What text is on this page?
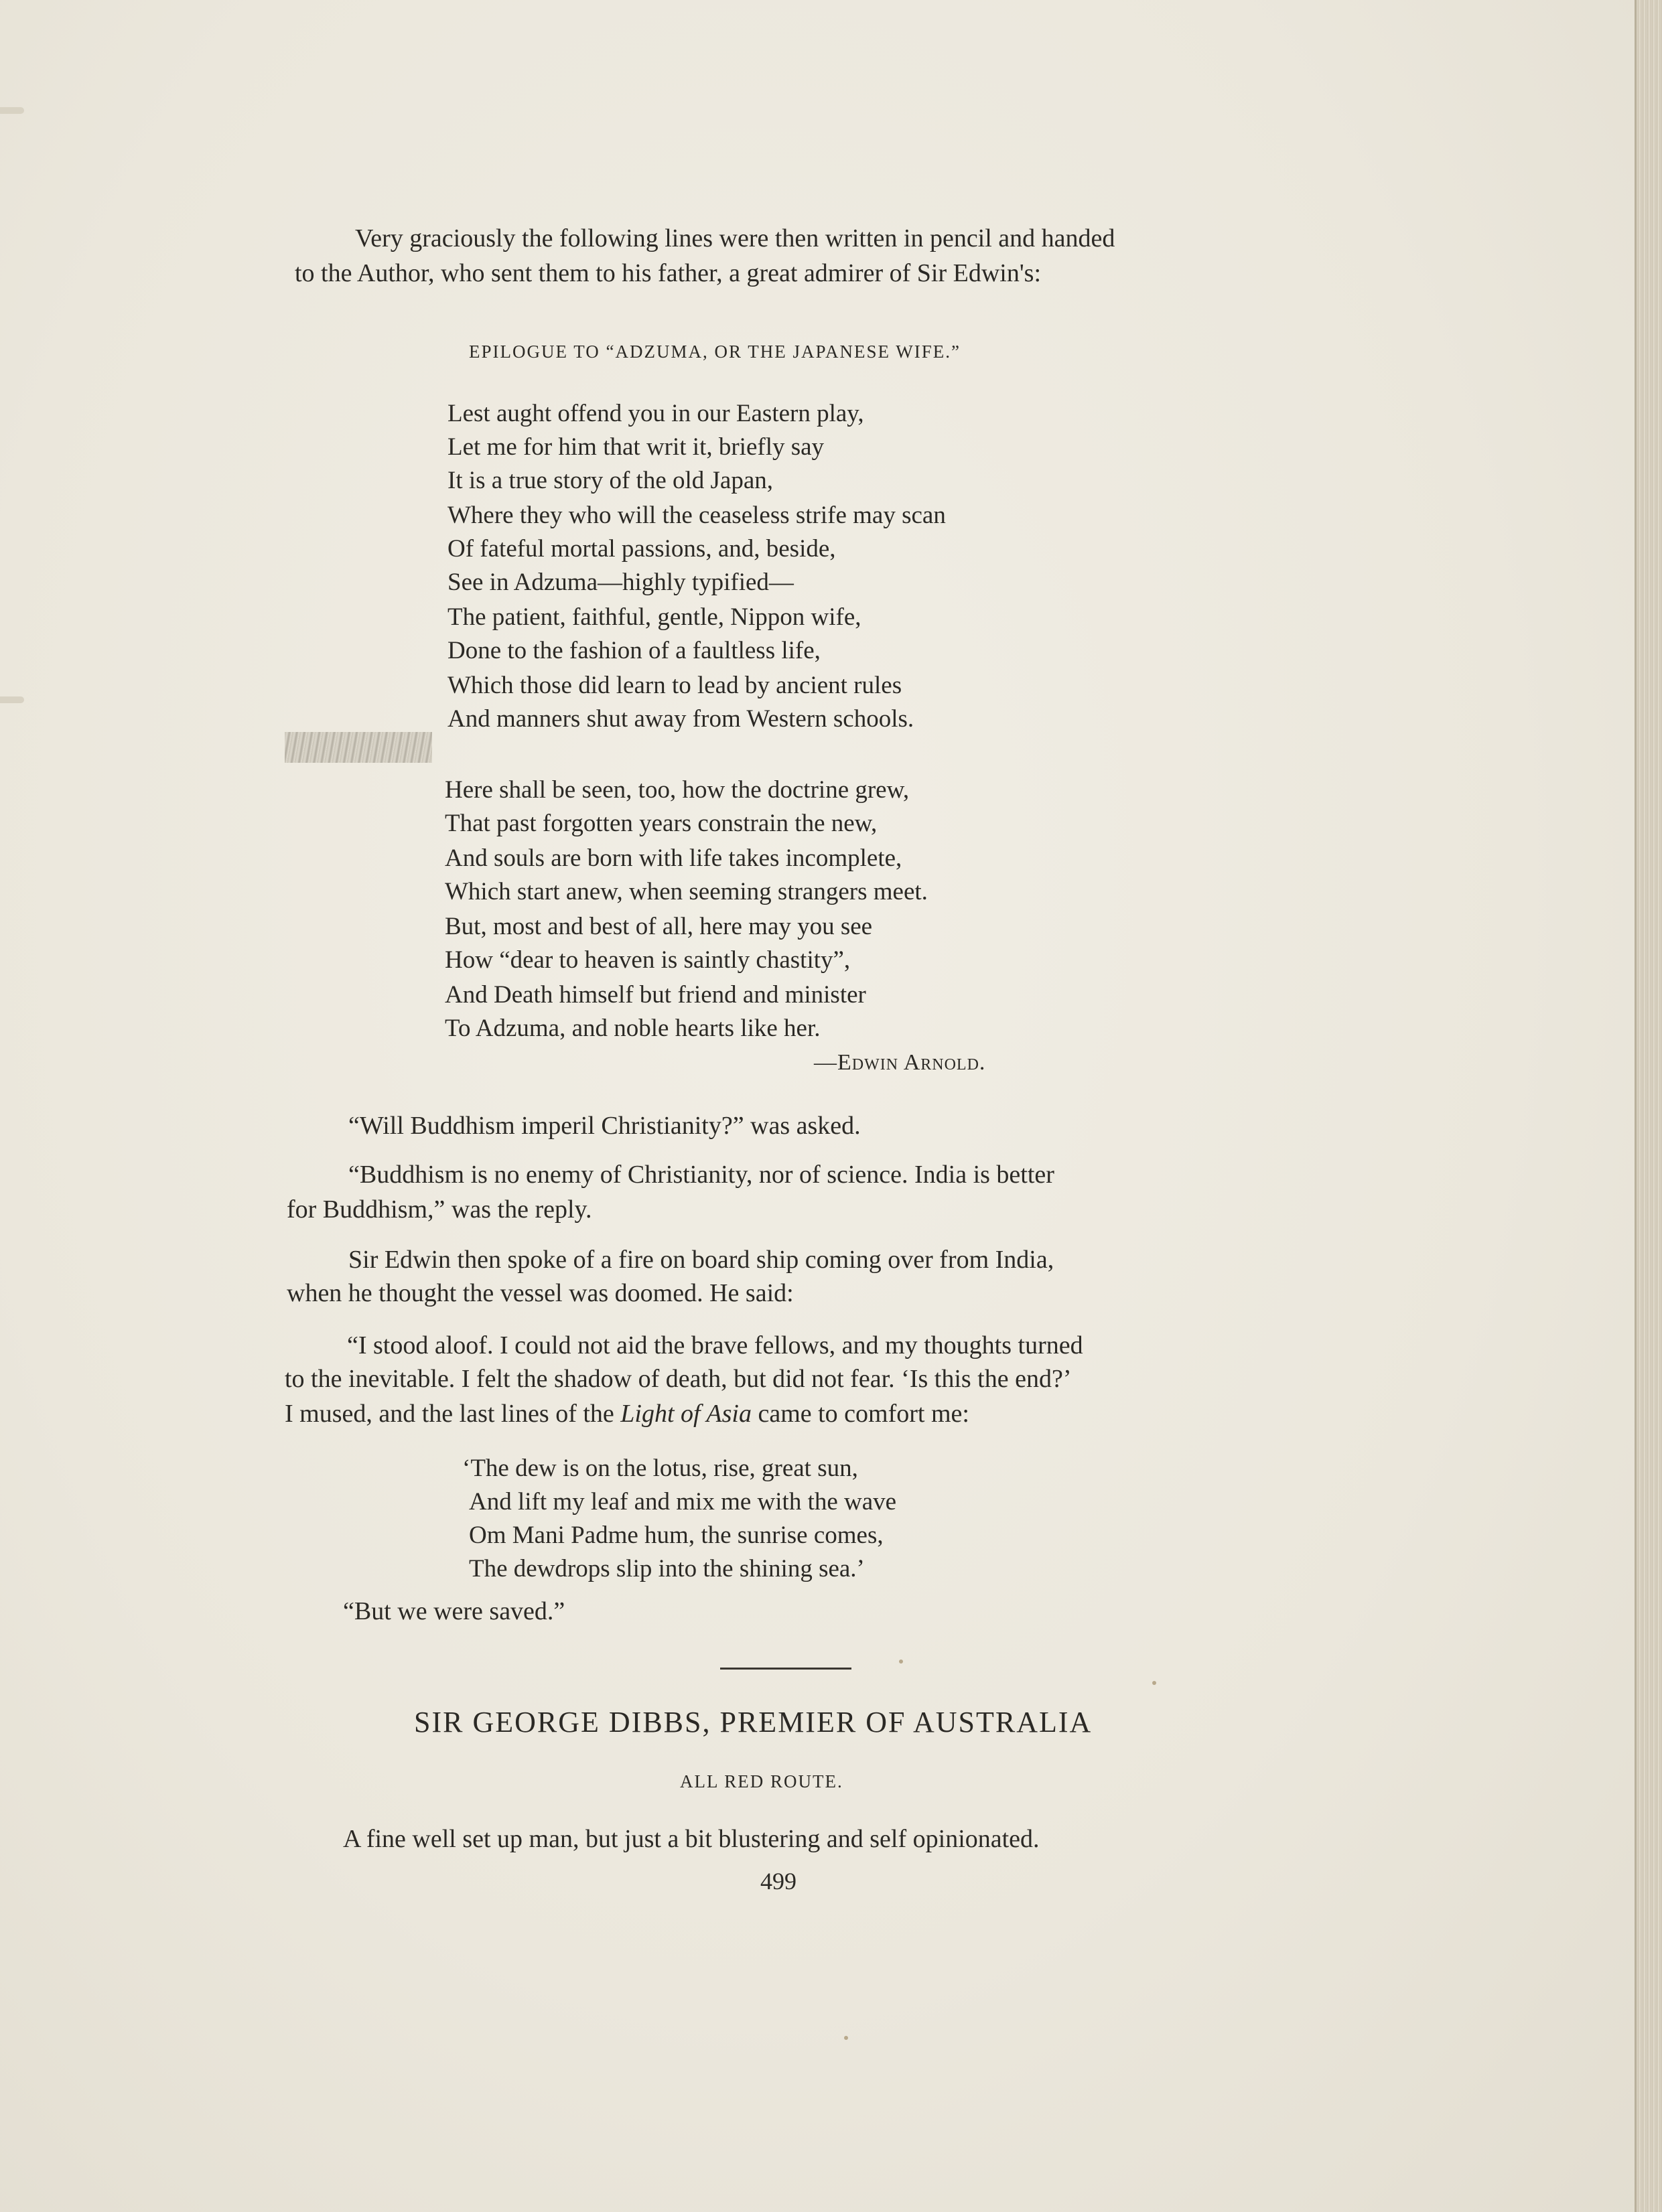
Very graciously the following lines were then written in pencil and handed

to the Author, who sent them to his father, a great admirer of Sir Edwin's:

EPILOGUE TO “ADZUMA, OR THE JAPANESE WIFE.”

Lest aught offend you in our Eastern play,

Let me for him that writ it, briefly say

It is a true story of the old Japan,

Where they who will the ceaseless strife may scan

Of fateful mortal passions, and, beside,

See in Adzuma—highly typified—

The patient, faithful, gentle, Nippon wife,

Done to the fashion of a faultless life,

Which those did learn to lead by ancient rules

And manners shut away from Western schools.

Here shall be seen, too, how the doctrine grew,

That past forgotten years constrain the new,

And souls are born with life takes incomplete,

Which start anew, when seeming strangers meet.

But, most and best of all, here may you see

How “dear to heaven is saintly chastity”,

And Death himself but friend and minister

To Adzuma, and noble hearts like her.

—Edwin Arnold.

“Will Buddhism imperil Christianity?” was asked.

“Buddhism is no enemy of Christianity, nor of science. India is better

for Buddhism,” was the reply.

Sir Edwin then spoke of a fire on board ship coming over from India,

when he thought the vessel was doomed. He said:

“I stood aloof. I could not aid the brave fellows, and my thoughts turned

to the inevitable. I felt the shadow of death, but did not fear. ‘Is this the end?’

I mused, and the last lines of the Light of Asia came to comfort me:

‘The dew is on the lotus, rise, great sun,

And lift my leaf and mix me with the wave

Om Mani Padme hum, the sunrise comes,

The dewdrops slip into the shining sea.’

“But we were saved.”

SIR GEORGE DIBBS, PREMIER OF AUSTRALIA

ALL RED ROUTE.

A fine well set up man, but just a bit blustering and self opinionated.

499
